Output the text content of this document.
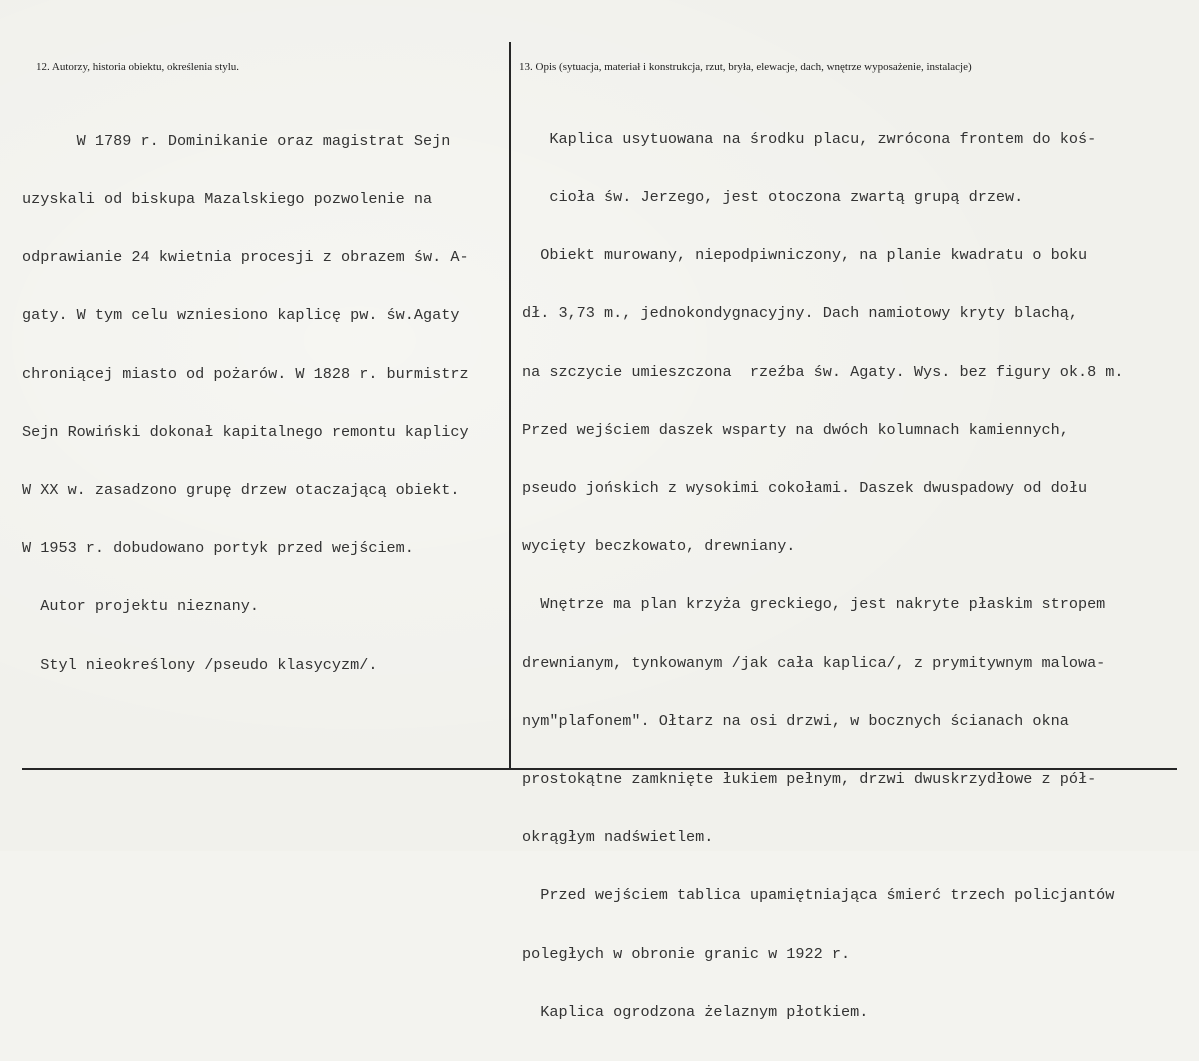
12. Autorzy, historia obiektu, określenia stylu.	13. Opis (sytuacja, materiał i konstrukcja, rzut, bryła, elewacje, dach, wnętrze wyposażenie, instalacje)

W 1789 r. Dominikanie oraz magistrat Sejn

uzyskali od biskupa Mazalskiego pozwolenie na

odprawianie 24 kwietnia procesji z obrazem św. A-

gaty. W tym celu wzniesiono kaplicę pw. św.Agaty

chroniącej miasto od pożarów. W 1828 r. burmistrz

Sejn Rowiński dokonał kapitalnego remontu kaplicy

W XX w. zasadzono grupę drzew otaczającą obiekt.

W 1953 r. dobudowano portyk przed wejściem.

Autor projektu nieznany.

Styl nieokreślony /pseudo klasycyzm/.

Kaplica usytuowana na środku placu, zwrócona frontem do koś-

cioła św. Jerzego, jest otoczona zwartą grupą drzew.

Obiekt murowany, niepodpiwniczony, na planie kwadratu o boku

dł. 3,73 m., jednokondygnacyjny. Dach namiotowy kryty blachą,

na szczycie umieszczona  rzeźba św. Agaty. Wys. bez figury ok.8 m.

Przed wejściem daszek wsparty na dwóch kolumnach kamiennych,

pseudo jońskich z wysokimi cokołami. Daszek dwuspadowy od dołu

wycięty beczkowato, drewniany.

Wnętrze ma plan krzyża greckiego, jest nakryte płaskim stropem

drewnianym, tynkowanym /jak cała kaplica/, z prymitywnym malowa-

nym"plafonem". Ołtarz na osi drzwi, w bocznych ścianach okna

prostokątne zamknięte łukiem pełnym, drzwi dwuskrzydłowe z pół-

okrągłym nadświetlem.

Przed wejściem tablica upamiętniająca śmierć trzech policjantów

poległych w obronie granic w 1922 r.

Kaplica ogrodzona żelaznym płotkiem.
